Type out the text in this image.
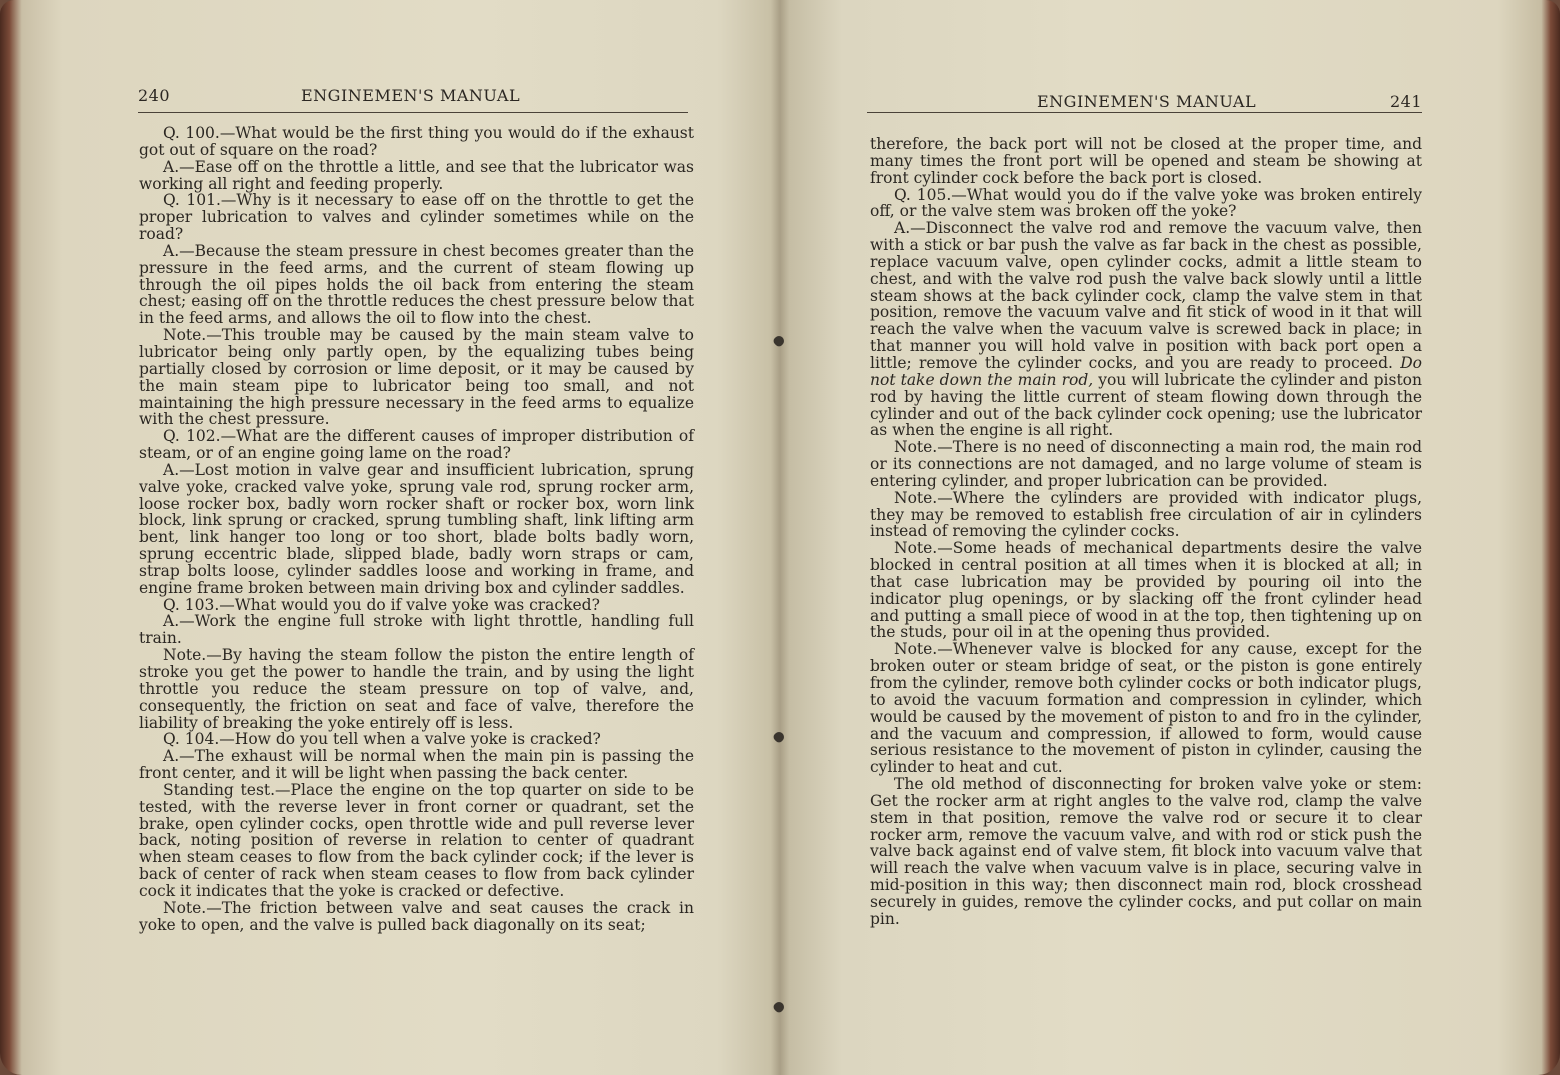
240	ENGINEMEN'S MANUAL

Q. 100.—What would be the first thing you would do if the exhaust got out of square on the road?

A.—Ease off on the throttle a little, and see that the lubricator was working all right and feeding properly.

Q. 101.—Why is it necessary to ease off on the throttle to get the proper lubrication to valves and cylinder sometimes while on the road?

A.—Because the steam pressure in chest becomes greater than the pressure in the feed arms, and the current of steam flowing up through the oil pipes holds the oil back from entering the steam chest; easing off on the throttle reduces the chest pressure below that in the feed arms, and allows the oil to flow into the chest.

Note.—This trouble may be caused by the main steam valve to lubricator being only partly open, by the equalizing tubes being partially closed by corrosion or lime deposit, or it may be caused by the main steam pipe to lubricator being too small, and not maintaining the high pressure necessary in the feed arms to equalize with the chest pressure.

Q. 102.—What are the different causes of improper distribution of steam, or of an engine going lame on the road?

A.—Lost motion in valve gear and insufficient lubrication, sprung valve yoke, cracked valve yoke, sprung vale rod, sprung rocker arm, loose rocker box, badly worn rocker shaft or rocker box, worn link block, link sprung or cracked, sprung tumbling shaft, link lifting arm bent, link hanger too long or too short, blade bolts badly worn, sprung eccentric blade, slipped blade, badly worn straps or cam, strap bolts loose, cylinder saddles loose and working in frame, and engine frame broken between main driving box and cylinder saddles.

Q. 103.—What would you do if valve yoke was cracked?

A.—Work the engine full stroke with light throttle, handling full train.

Note.—By having the steam follow the piston the entire length of stroke you get the power to handle the train, and by using the light throttle you reduce the steam pressure on top of valve, and, consequently, the friction on seat and face of valve, therefore the liability of breaking the yoke entirely off is less.

Q. 104.—How do you tell when a valve yoke is cracked?

A.—The exhaust will be normal when the main pin is passing the front center, and it will be light when passing the back center.

Standing test.—Place the engine on the top quarter on side to be tested, with the reverse lever in front corner or quadrant, set the brake, open cylinder cocks, open throttle wide and pull reverse lever back, noting position of reverse in relation to center of quadrant when steam ceases to flow from the back cylinder cock; if the lever is back of center of rack when steam ceases to flow from back cylinder cock it indicates that the yoke is cracked or defective.

Note.—The friction between valve and seat causes the crack in yoke to open, and the valve is pulled back diagonally on its seat;

ENGINEMEN'S MANUAL	241

therefore, the back port will not be closed at the proper time, and many times the front port will be opened and steam be showing at front cylinder cock before the back port is closed.

Q. 105.—What would you do if the valve yoke was broken entirely off, or the valve stem was broken off the yoke?

A.—Disconnect the valve rod and remove the vacuum valve, then with a stick or bar push the valve as far back in the chest as possible, replace vacuum valve, open cylinder cocks, admit a little steam to chest, and with the valve rod push the valve back slowly until a little steam shows at the back cylinder cock, clamp the valve stem in that position, remove the vacuum valve and fit stick of wood in it that will reach the valve when the vacuum valve is screwed back in place; in that manner you will hold valve in position with back port open a little; remove the cylinder cocks, and you are ready to proceed. Do not take down the main rod, you will lubricate the cylinder and piston rod by having the little current of steam flowing down through the cylinder and out of the back cylinder cock opening; use the lubricator as when the engine is all right.

Note.—There is no need of disconnecting a main rod, the main rod or its connections are not damaged, and no large volume of steam is entering cylinder, and proper lubrication can be provided.

Note.—Where the cylinders are provided with indicator plugs, they may be removed to establish free circulation of air in cylinders instead of removing the cylinder cocks.

Note.—Some heads of mechanical departments desire the valve blocked in central position at all times when it is blocked at all; in that case lubrication may be provided by pouring oil into the indicator plug openings, or by slacking off the front cylinder head and putting a small piece of wood in at the top, then tightening up on the studs, pour oil in at the opening thus provided.

Note.—Whenever valve is blocked for any cause, except for the broken outer or steam bridge of seat, or the piston is gone entirely from the cylinder, remove both cylinder cocks or both indicator plugs, to avoid the vacuum formation and compression in cylinder, which would be caused by the movement of piston to and fro in the cylinder, and the vacuum and compression, if allowed to form, would cause serious resistance to the movement of piston in cylinder, causing the cylinder to heat and cut.

The old method of disconnecting for broken valve yoke or stem: Get the rocker arm at right angles to the valve rod, clamp the valve stem in that position, remove the valve rod or secure it to clear rocker arm, remove the vacuum valve, and with rod or stick push the valve back against end of valve stem, fit block into vacuum valve that will reach the valve when vacuum valve is in place, securing valve in mid-position in this way; then disconnect main rod, block crosshead securely in guides, remove the cylinder cocks, and put collar on main pin.
